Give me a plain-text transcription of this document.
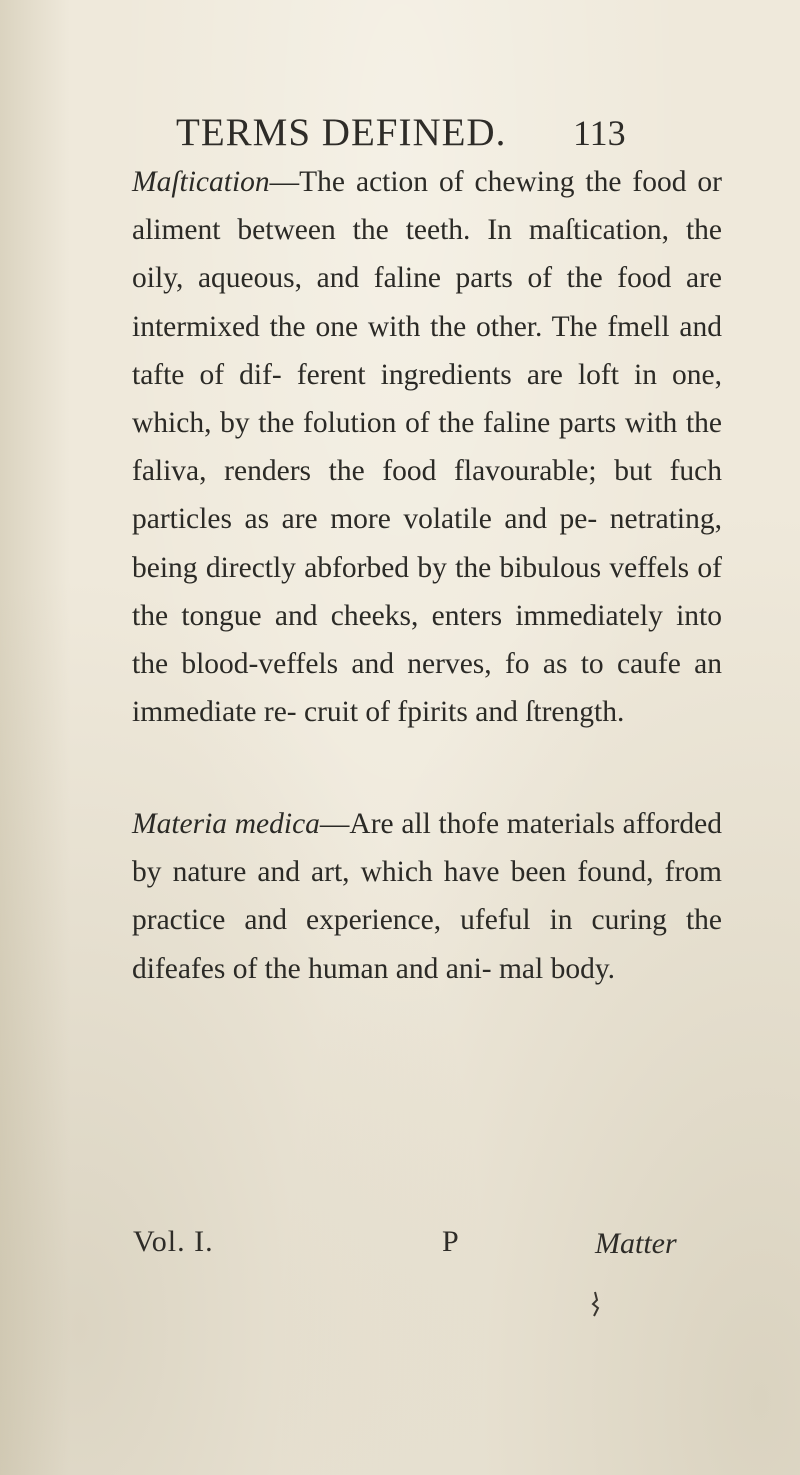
TERMS DEFINED. 113
Maſtication—The action of chewing the food or aliment between the teeth. In maſtication, the oily, aqueous, and faline parts of the food are intermixed the one with the other. The fmell and tafte of dif- ferent ingredients are loft in one, which, by the folution of the faline parts with the faliva, renders the food flavourable; but fuch particles as are more volatile and pe- netrating, being directly abforbed by the bibulous veffels of the tongue and cheeks, enters immediately into the blood-veffels and nerves, fo as to caufe an immediate re- cruit of fpirits and ſtrength.
Materia medica—Are all thofe materials afforded by nature and art, which have been found, from practice and experience, ufeful in curing the difeafes of the human and ani- mal body.
Vol. I.	P	Matter
